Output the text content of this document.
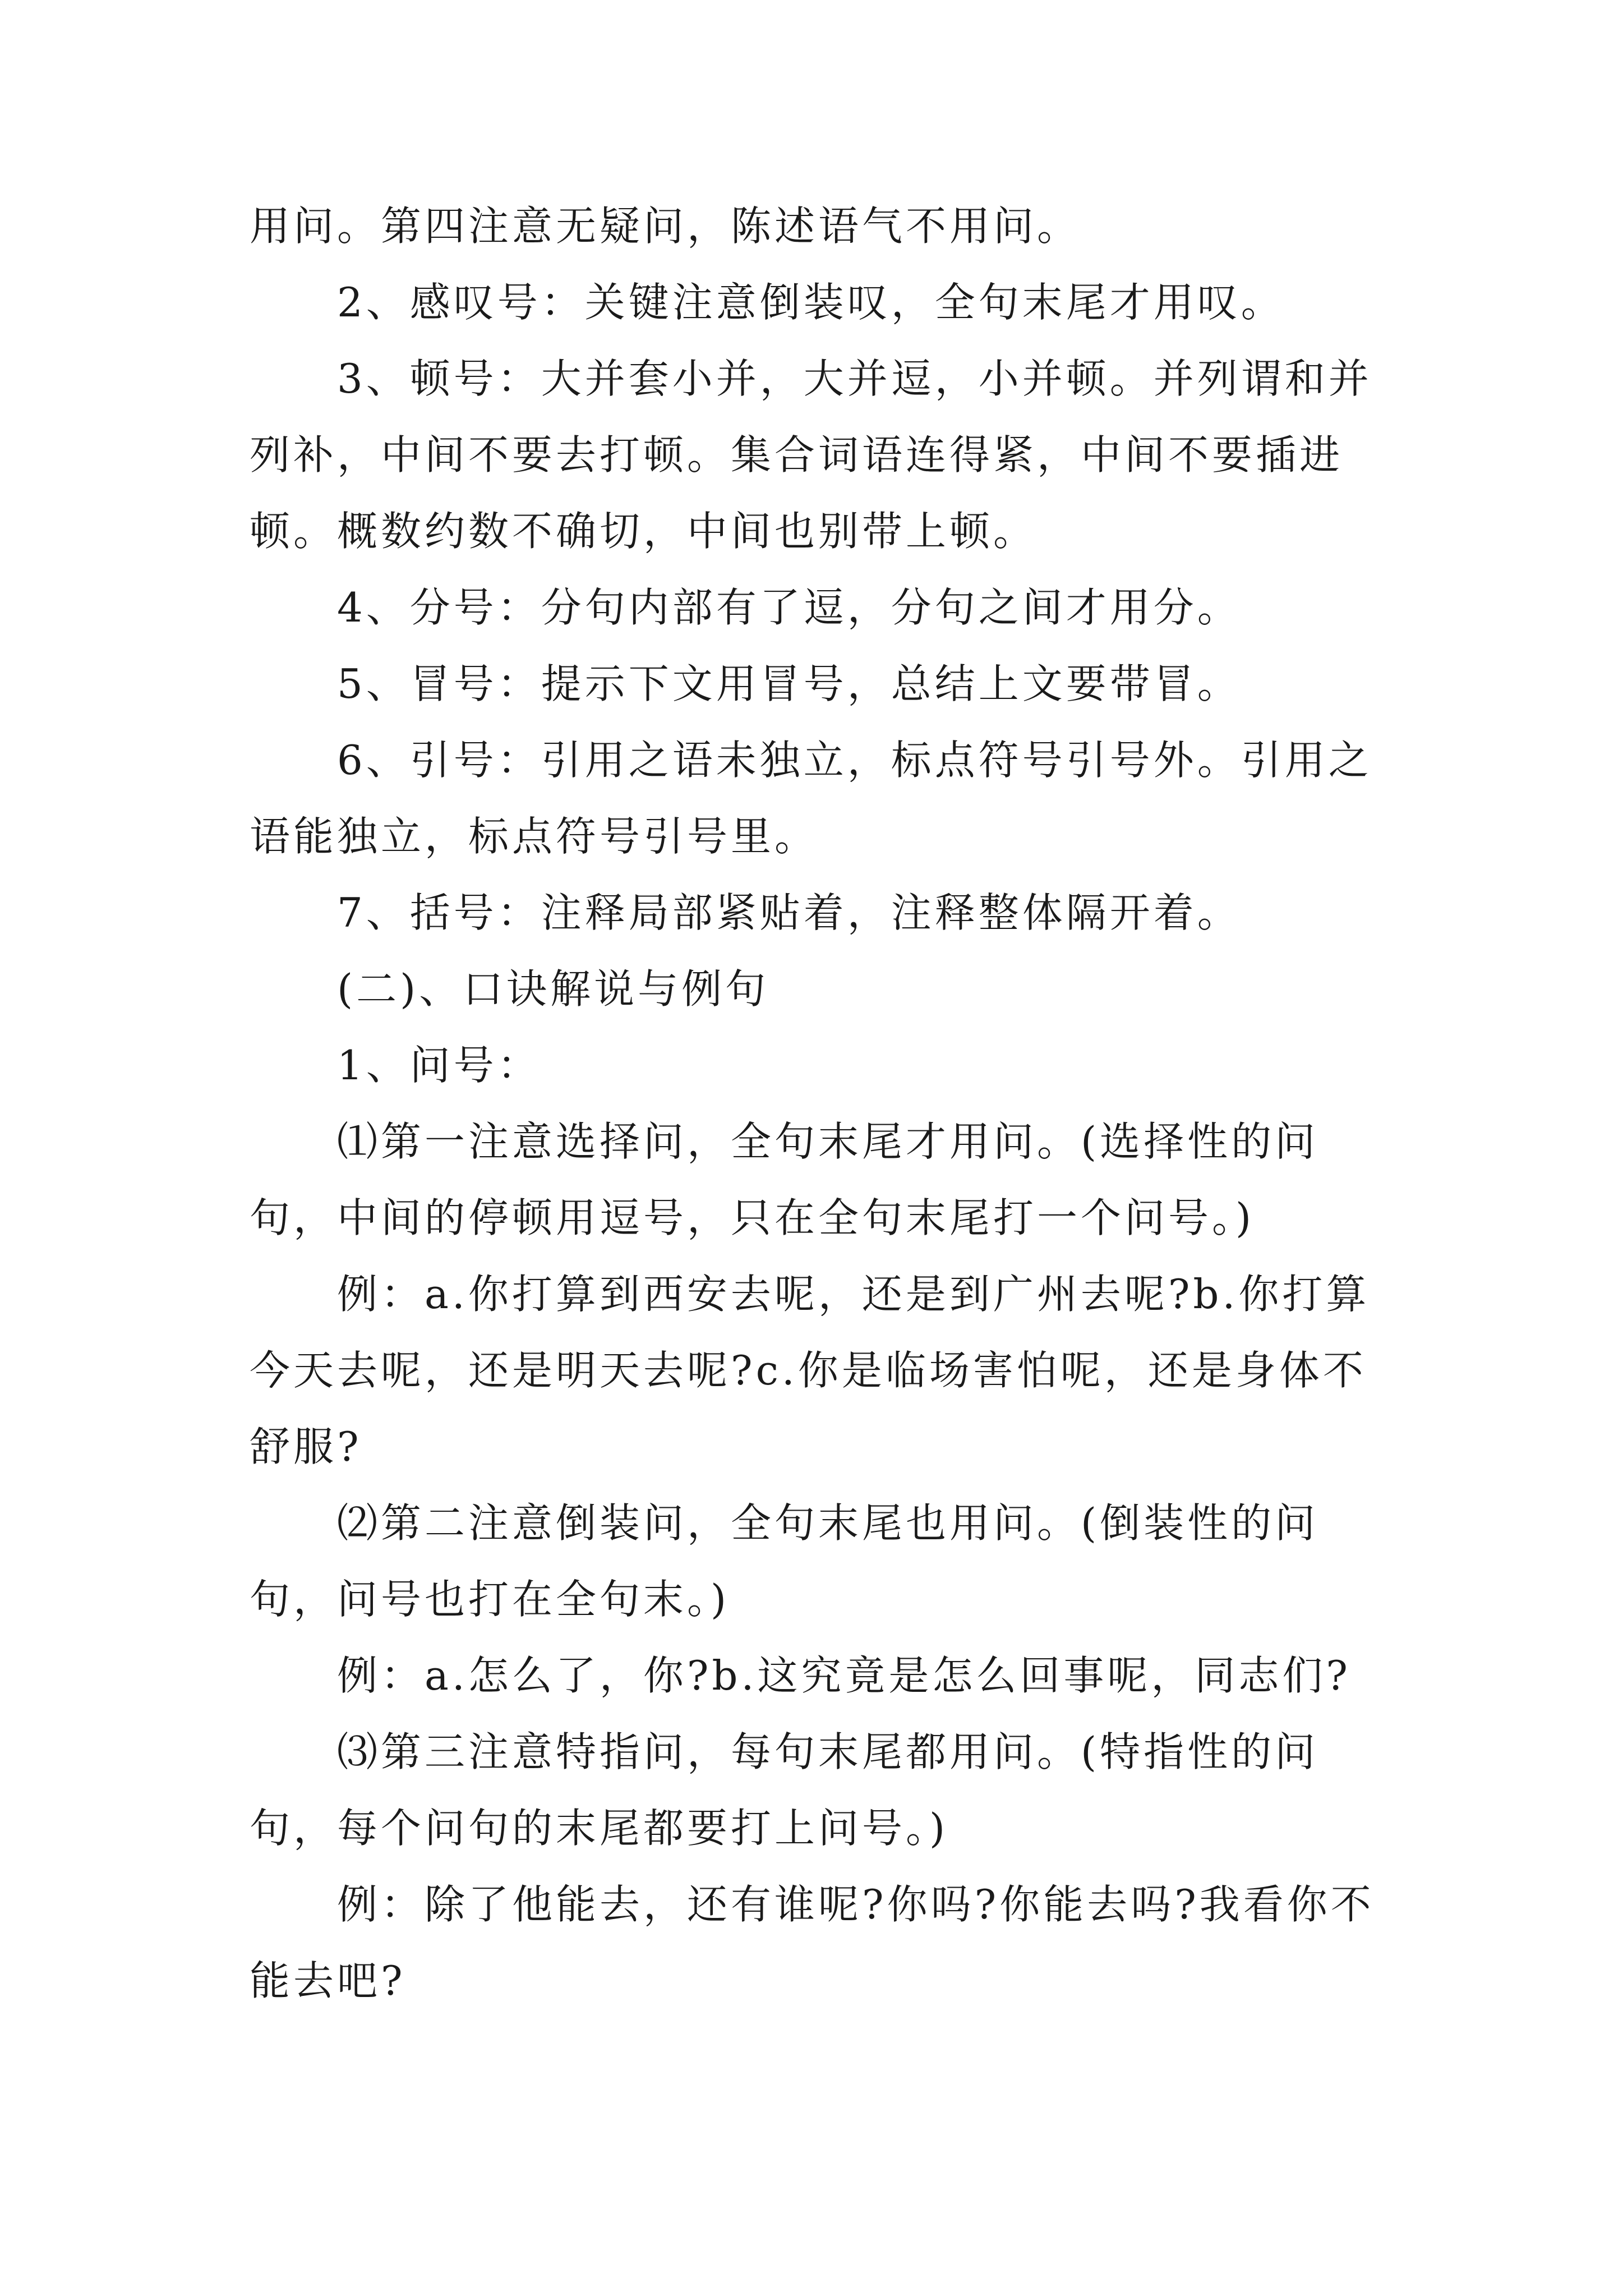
用问。第四注意无疑问，陈述语气不用问。

2、感叹号：关键注意倒装叹，全句末尾才用叹。

3、顿号：大并套小并，大并逗，小并顿。并列谓和并列补，中间不要去打顿。集合词语连得紧，中间不要插进顿。概数约数不确切，中间也别带上顿。

4、分号：分句内部有了逗，分句之间才用分。

5、冒号：提示下文用冒号，总结上文要带冒。

6、引号：引用之语未独立，标点符号引号外。引用之语能独立，标点符号引号里。

7、括号：注释局部紧贴着，注释整体隔开着。

(二)、口诀解说与例句

1、问号：

⑴第一注意选择问，全句末尾才用问。(选择性的问句，中间的停顿用逗号，只在全句末尾打一个问号。)

例：a.你打算到西安去呢，还是到广州去呢?b.你打算今天去呢，还是明天去呢?c.你是临场害怕呢，还是身体不舒服?

⑵第二注意倒装问，全句末尾也用问。(倒装性的问句，问号也打在全句末。)

例：a.怎么了，你?b.这究竟是怎么回事呢，同志们?

⑶第三注意特指问，每句末尾都用问。(特指性的问句，每个问句的末尾都要打上问号。)

例：除了他能去，还有谁呢?你吗?你能去吗?我看你不能去吧?
